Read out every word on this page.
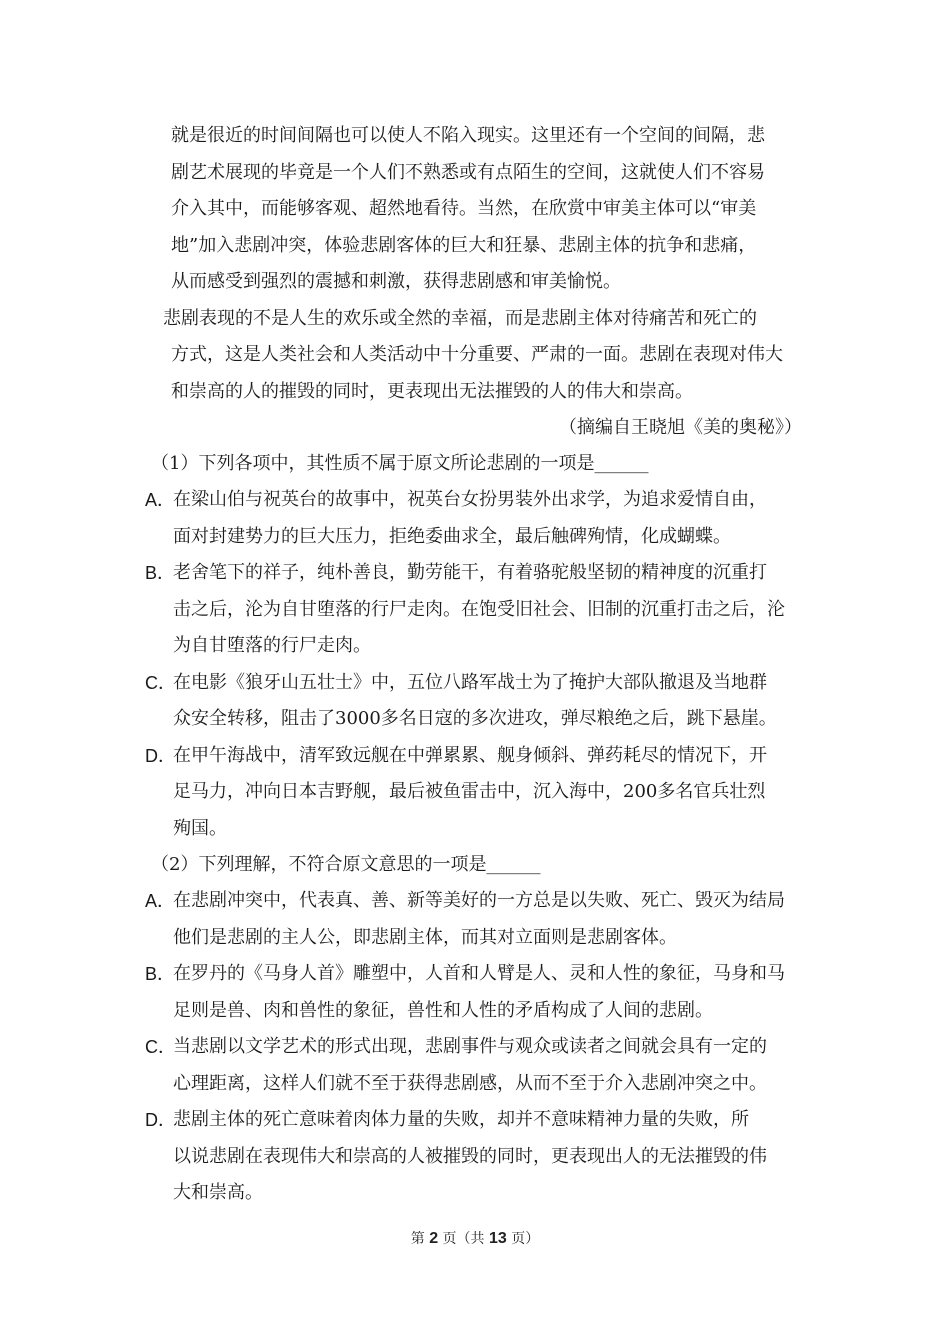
就是很近的时间间隔也可以使人不陷入现实。这里还有一个空间的间隔，悲

剧艺术展现的毕竟是一个人们不熟悉或有点陌生的空间，这就使人们不容易

介入其中，而能够客观、超然地看待。当然，在欣赏中审美主体可以“审美

地”加入悲剧冲突，体验悲剧客体的巨大和狂暴、悲剧主体的抗争和悲痛，

从而感受到强烈的震撼和刺激，获得悲剧感和审美愉悦。

悲剧表现的不是人生的欢乐或全然的幸福，而是悲剧主体对待痛苦和死亡的

方式，这是人类社会和人类活动中十分重要、严肃的一面。悲剧在表现对伟大

和崇高的人的摧毁的同时，更表现出无法摧毁的人的伟大和崇高。

（摘编自王晓旭《美的奥秘》）
（1）下列各项中，其性质不属于原文所论悲剧的一项是______
A．

在梁山伯与祝英台的故事中，祝英台女扮男装外出求学，为追求爱情自由，

面对封建势力的巨大压力，拒绝委曲求全，最后触碑殉情，化成蝴蝶。

B．

老舍笔下的祥子，纯朴善良，勤劳能干，有着骆驼般坚韧的精神度的沉重打

击之后，沦为自甘堕落的行尸走肉。在饱受旧社会、旧制的沉重打击之后，沦

为自甘堕落的行尸走肉。

C．

在电影《狼牙山五壮士》中，五位八路军战士为了掩护大部队撤退及当地群

众安全转移，阻击了3000多名日寇的多次进攻，弹尽粮绝之后，跳下悬崖。

D．

在甲午海战中，清军致远舰在中弹累累、舰身倾斜、弹药耗尽的情况下，开

足马力，冲向日本吉野舰，最后被鱼雷击中，沉入海中，200多名官兵壮烈

殉国。

（2）下列理解，不符合原文意思的一项是______
A．

在悲剧冲突中，代表真、善、新等美好的一方总是以失败、死亡、毁灭为结局

他们是悲剧的主人公，即悲剧主体，而其对立面则是悲剧客体。

B．

在罗丹的《马身人首》雕塑中，人首和人臂是人、灵和人性的象征，马身和马

足则是兽、肉和兽性的象征，兽性和人性的矛盾构成了人间的悲剧。

C．

当悲剧以文学艺术的形式出现，悲剧事件与观众或读者之间就会具有一定的

心理距离，这样人们就不至于获得悲剧感，从而不至于介入悲剧冲突之中。

D．

悲剧主体的死亡意味着肉体力量的失败，却并不意味精神力量的失败，所

以说悲剧在表现伟大和崇高的人被摧毁的同时，更表现出人的无法摧毁的伟

大和崇高。

第 2 页（共 13 页）
